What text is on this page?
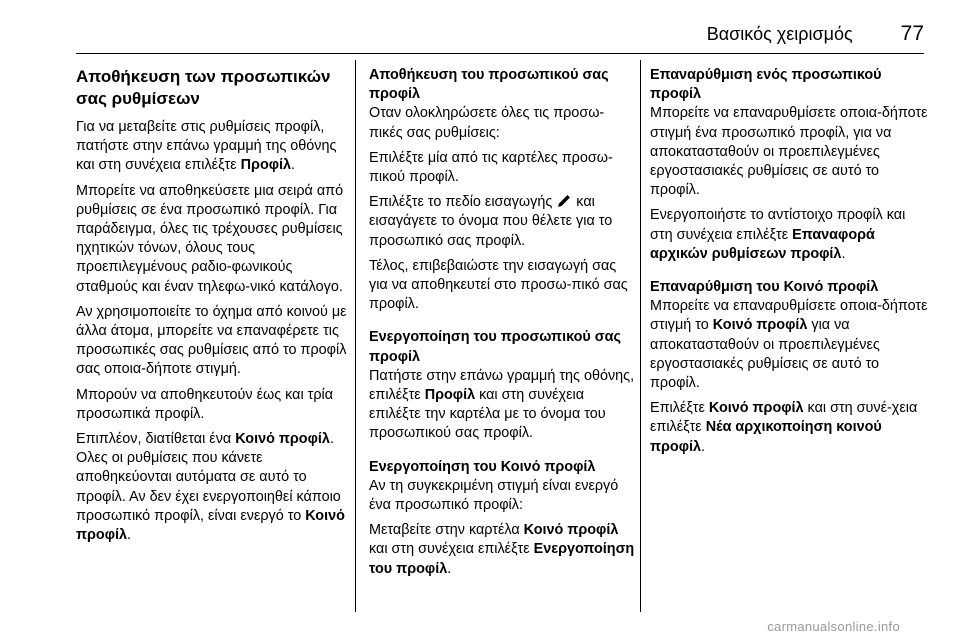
Βασικός χειρισμός 77
Αποθήκευση των προσωπικών σας ρυθμίσεων

Για να μεταβείτε στις ρυθμίσεις προφίλ, πατήστε στην επάνω γραμμή της οθόνης και στη συνέχεια επιλέξτε Προφίλ.

Μπορείτε να αποθηκεύσετε μια σειρά από ρυθμίσεις σε ένα προσωπικό προφίλ. Για παράδειγμα, όλες τις τρέχουσες ρυθμίσεις ηχητικών τόνων, όλους τους προεπιλεγμένους ραδιο-φωνικούς σταθμούς και έναν τηλεφω-νικό κατάλογο.

Αν χρησιμοποιείτε το όχημα από κοινού με άλλα άτομα, μπορείτε να επαναφέρετε τις προσωπικές σας ρυθμίσεις από το προφίλ σας οποια-δήποτε στιγμή.

Μπορούν να αποθηκευτούν έως και τρία προσωπικά προφίλ.

Επιπλέον, διατίθεται ένα Κοινό προφίλ. Ολες οι ρυθμίσεις που κάνετε αποθηκεύονται αυτόματα σε αυτό το προφίλ. Αν δεν έχει ενεργοποιηθεί κάποιο προσωπικό προφίλ, είναι ενεργό το Κοινό προφίλ.

Αποθήκευση του προσωπικού σας προφίλ

Οταν ολοκληρώσετε όλες τις προσω-πικές σας ρυθμίσεις:

Επιλέξτε μία από τις καρτέλες προσω-πικού προφίλ.

Επιλέξτε το πεδίο εισαγωγής  και εισαγάγετε το όνομα που θέλετε για το προσωπικό σας προφίλ.

Τέλος, επιβεβαιώστε την εισαγωγή σας για να αποθηκευτεί στο προσω-πικό σας προφίλ.

Ενεργοποίηση του προσωπικού σας προφίλ

Πατήστε στην επάνω γραμμή της οθόνης, επιλέξτε Προφίλ και στη συνέχεια επιλέξτε την καρτέλα με το όνομα του προσωπικού σας προφίλ.

Ενεργοποίηση του Κοινό προφίλ

Αν τη συγκεκριμένη στιγμή είναι ενεργό ένα προσωπικό προφίλ:

Μεταβείτε στην καρτέλα Κοινό προφίλ και στη συνέχεια επιλέξτε Ενεργοποίηση του προφίλ.

Επαναρύθμιση ενός προσωπικού προφίλ

Μπορείτε να επαναρυθμίσετε οποια-δήποτε στιγμή ένα προσωπικό προφίλ, για να αποκατασταθούν οι προεπιλεγμένες εργοστασιακές ρυθμίσεις σε αυτό το προφίλ.

Ενεργοποιήστε το αντίστοιχο προφίλ και στη συνέχεια επιλέξτε Επαναφορά αρχικών ρυθμίσεων προφίλ.

Επαναρύθμιση του Κοινό προφίλ

Μπορείτε να επαναρυθμίσετε οποια-δήποτε στιγμή το Κοινό προφίλ για να αποκατασταθούν οι προεπιλεγμένες εργοστασιακές ρυθμίσεις σε αυτό το προφίλ.

Επιλέξτε Κοινό προφίλ και στη συνέ-χεια επιλέξτε Νέα αρχικοποίηση κοινού προφίλ.

carmanualsonline.info
